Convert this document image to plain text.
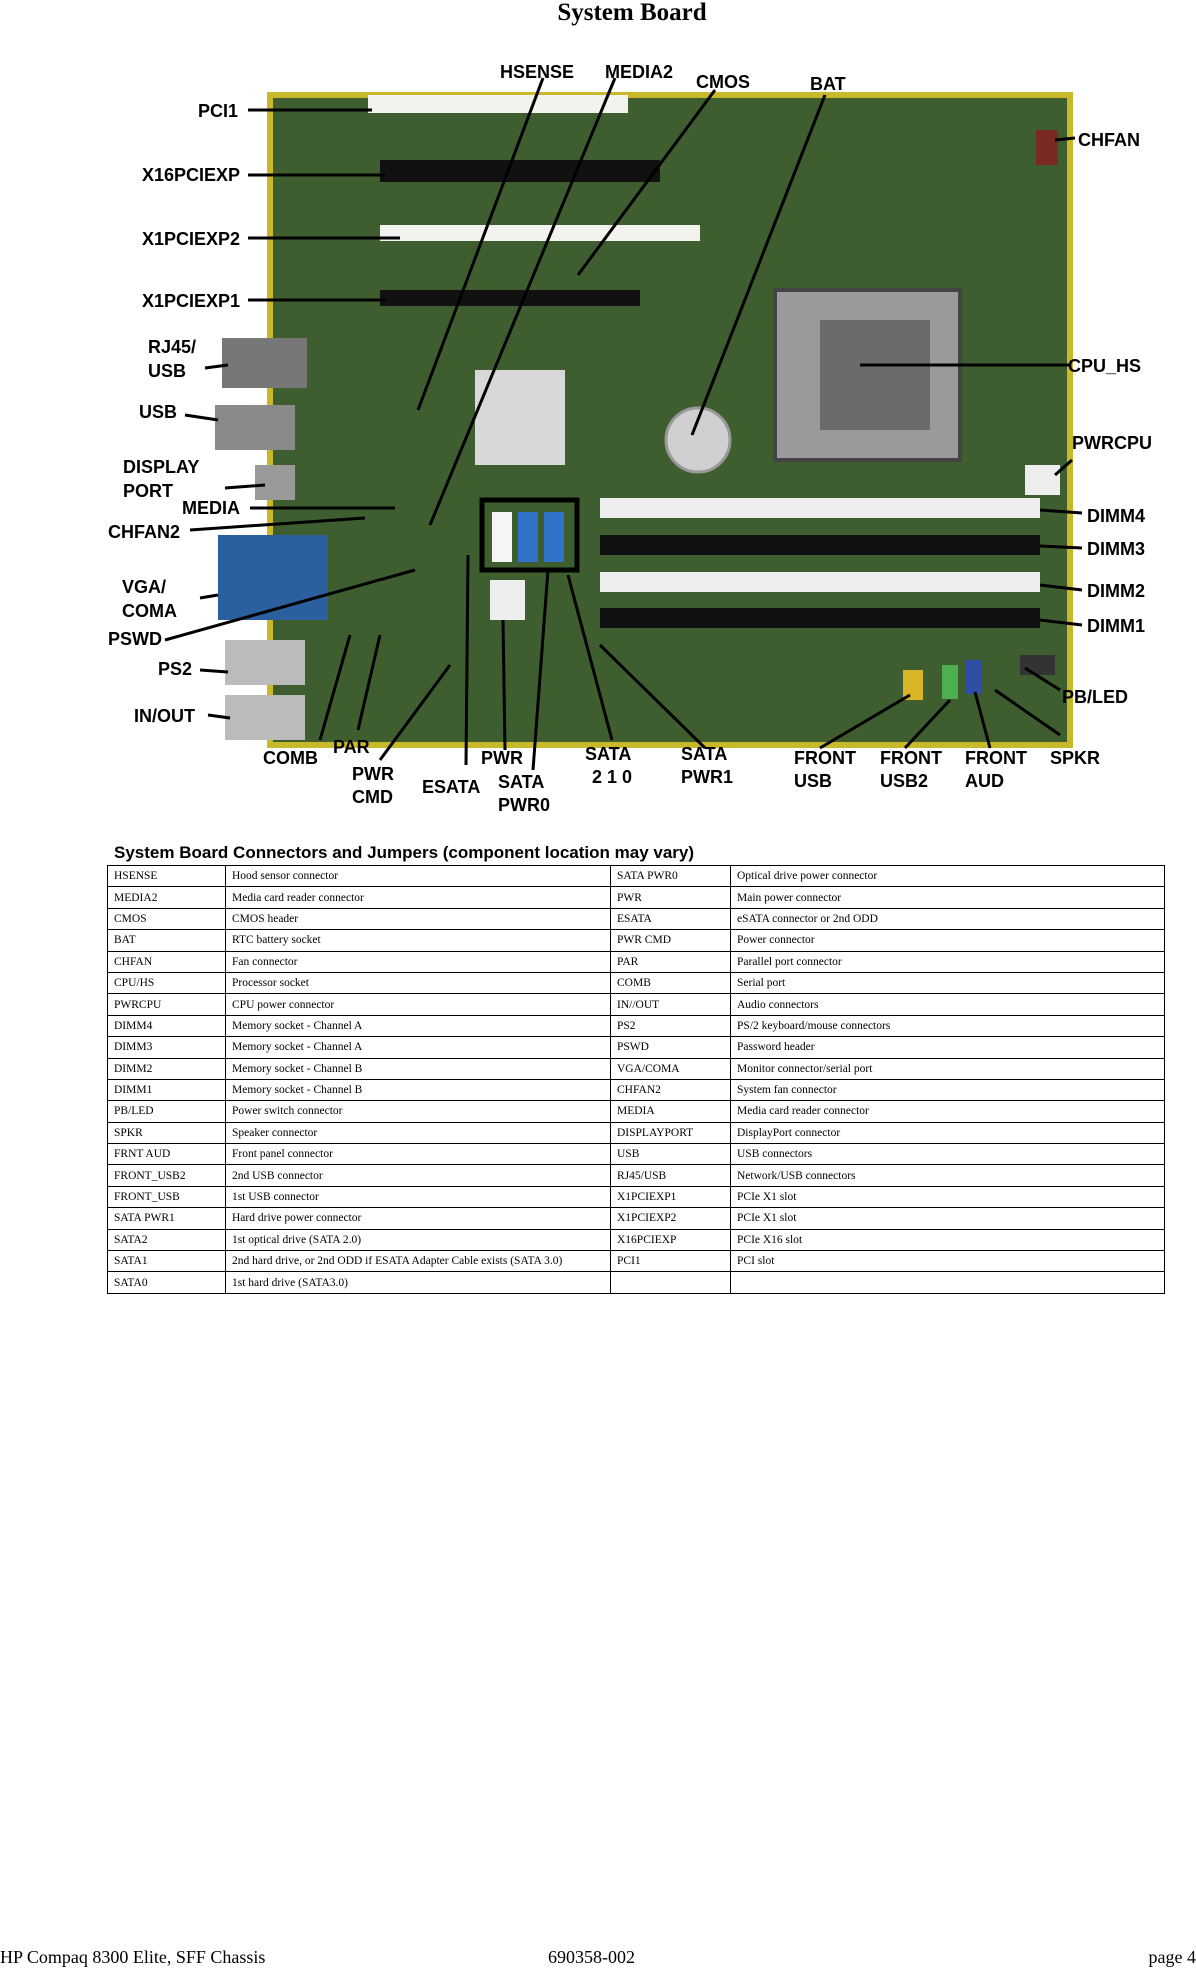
System Board
HSENSE MEDIA2 CMOS	BAT
PCI1
X16PCIEXP
X1PCIEXP2
X1PCIEXP1
RJ45/
USB
USB
DISPLAY
PORT
MEDIA
CHFAN2
VGA/
COMA
PSWD
PS2
IN/OUT
CHFAN
CPU_HS
PWRCPU
DIMM4
DIMM3
DIMM2
DIMM1
PB/LED
SPKR
FRONT
AUD
FRONT
USB2
FRONT
USB
SATA
PWR1
SATA
2 1 0
SATA
PWR0
PWR
ESATA
PWR
CMD
PAR
COMB
System Board Connectors and Jumpers (component location may vary)
HSENSE	Hood sensor connector	SATA PWR0	Optical drive power connector
MEDIA2	Media card reader connector	PWR	Main power connector
CMOS	CMOS header	ESATA	eSATA connector or 2nd ODD
BAT	RTC battery socket	PWR CMD	Power connector
CHFAN	Fan connector	PAR	Parallel port connector
CPU/HS	Processor socket	COMB	Serial port
PWRCPU	CPU power connector	IN//OUT	Audio connectors
DIMM4	Memory socket - Channel A	PS2	PS/2 keyboard/mouse connectors
DIMM3	Memory socket - Channel A	PSWD	Password header
DIMM2	Memory socket - Channel B	VGA/COMA	Monitor connector/serial port
DIMM1	Memory socket - Channel B	CHFAN2	System fan connector
PB/LED	Power switch connector	MEDIA	Media card reader connector
SPKR	Speaker connector	DISPLAYPORT	DisplayPort connector
FRNT AUD	Front panel connector	USB	USB connectors
FRONT_USB2	2nd USB connector	RJ45/USB	Network/USB connectors
FRONT_USB	1st USB connector	X1PCIEXP1	PCIe X1 slot
SATA PWR1	Hard drive power connector	X1PCIEXP2	PCIe X1 slot
SATA2	1st optical drive (SATA 2.0)	X16PCIEXP	PCIe X16 slot
SATA1	2nd hard drive, or 2nd ODD if ESATA Adapter Cable exists (SATA 3.0)	PCI1	PCI slot
SATA0	1st hard drive (SATA3.0)		
HP Compaq 8300 Elite, SFF Chassis	690358-002	page 4
